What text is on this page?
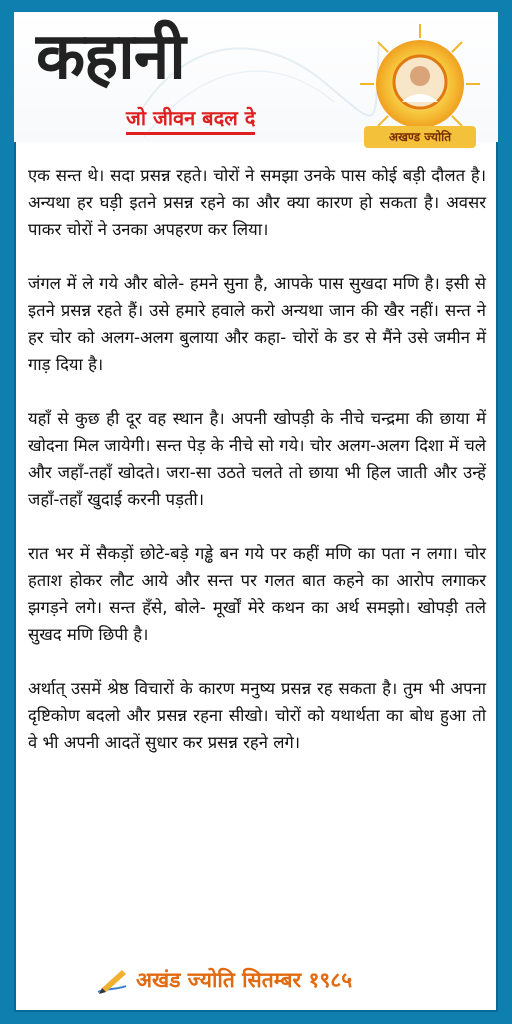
कहानी
जो जीवन बदल दे
अखण्ड ज्योति

एक सन्त थे। सदा प्रसन्न रहते। चोरों ने समझा उनके पास कोई बड़ी दौलत है। अन्यथा हर घड़ी इतने प्रसन्न रहने का और क्या कारण हो सकता है। अवसर पाकर चोरों ने उनका अपहरण कर लिया।

जंगल में ले गये और बोले- हमने सुना है, आपके पास सुखदा मणि है। इसी से इतने प्रसन्न रहते हैं। उसे हमारे हवाले करो अन्यथा जान की खैर नहीं। सन्त ने हर चोर को अलग-अलग बुलाया और कहा- चोरों के डर से मैंने उसे जमीन में गाड़ दिया है।

यहाँ से कुछ ही दूर वह स्थान है। अपनी खोपड़ी के नीचे चन्द्रमा की छाया में खोदना मिल जायेगी। सन्त पेड़ के नीचे सो गये। चोर अलग-अलग दिशा में चले और जहाँ-तहाँ खोदते। जरा-सा उठते चलते तो छाया भी हिल जाती और उन्हें जहाँ-तहाँ खुदाई करनी पड़ती।

रात भर में सैकड़ों छोटे-बड़े गड्ढे बन गये पर कहीं मणि का पता न लगा। चोर हताश होकर लौट आये और सन्त पर गलत बात कहने का आरोप लगाकर झगड़ने लगे। सन्त हँसे, बोले- मूर्खों मेरे कथन का अर्थ समझो। खोपड़ी तले सुखद मणि छिपी है।

अर्थात् उसमें श्रेष्ठ विचारों के कारण मनुष्य प्रसन्न रह सकता है। तुम भी अपना दृष्टिकोण बदलो और प्रसन्न रहना सीखो। चोरों को यथार्थता का बोध हुआ तो वे भी अपनी आदतें सुधार कर प्रसन्न रहने लगे।

अखंड ज्योति सितम्बर १९८५
